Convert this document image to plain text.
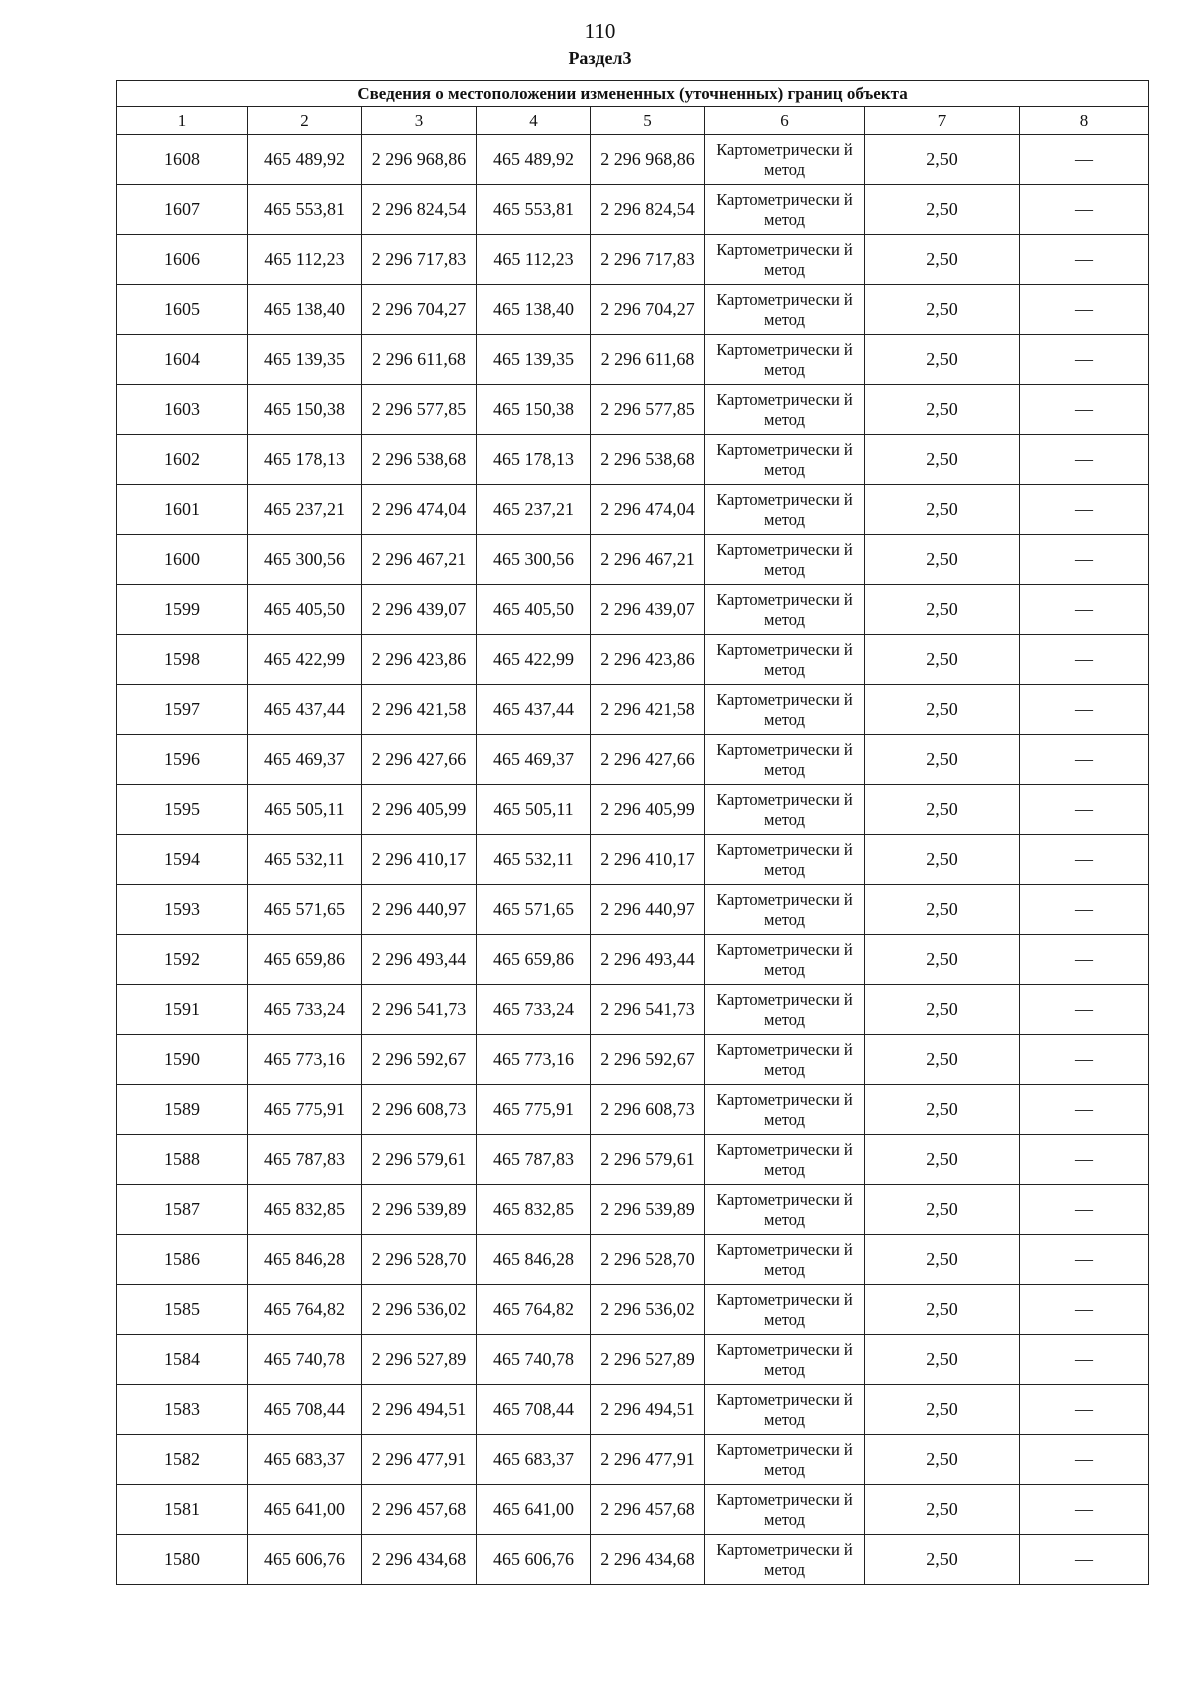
110
Раздел3
Сведения о местоположении измененных (уточненных) границ объекта							
1	2	3	4	5	6	7	8
1608	465 489,92	2 296 968,86	465 489,92	2 296 968,86	Картометрически й метод	2,50	—
1607	465 553,81	2 296 824,54	465 553,81	2 296 824,54	Картометрически й метод	2,50	—
1606	465 112,23	2 296 717,83	465 112,23	2 296 717,83	Картометрически й метод	2,50	—
1605	465 138,40	2 296 704,27	465 138,40	2 296 704,27	Картометрически й метод	2,50	—
1604	465 139,35	2 296 611,68	465 139,35	2 296 611,68	Картометрически й метод	2,50	—
1603	465 150,38	2 296 577,85	465 150,38	2 296 577,85	Картометрически й метод	2,50	—
1602	465 178,13	2 296 538,68	465 178,13	2 296 538,68	Картометрически й метод	2,50	—
1601	465 237,21	2 296 474,04	465 237,21	2 296 474,04	Картометрически й метод	2,50	—
1600	465 300,56	2 296 467,21	465 300,56	2 296 467,21	Картометрически й метод	2,50	—
1599	465 405,50	2 296 439,07	465 405,50	2 296 439,07	Картометрически й метод	2,50	—
1598	465 422,99	2 296 423,86	465 422,99	2 296 423,86	Картометрически й метод	2,50	—
1597	465 437,44	2 296 421,58	465 437,44	2 296 421,58	Картометрически й метод	2,50	—
1596	465 469,37	2 296 427,66	465 469,37	2 296 427,66	Картометрически й метод	2,50	—
1595	465 505,11	2 296 405,99	465 505,11	2 296 405,99	Картометрически й метод	2,50	—
1594	465 532,11	2 296 410,17	465 532,11	2 296 410,17	Картометрически й метод	2,50	—
1593	465 571,65	2 296 440,97	465 571,65	2 296 440,97	Картометрически й метод	2,50	—
1592	465 659,86	2 296 493,44	465 659,86	2 296 493,44	Картометрически й метод	2,50	—
1591	465 733,24	2 296 541,73	465 733,24	2 296 541,73	Картометрически й метод	2,50	—
1590	465 773,16	2 296 592,67	465 773,16	2 296 592,67	Картометрически й метод	2,50	—
1589	465 775,91	2 296 608,73	465 775,91	2 296 608,73	Картометрически й метод	2,50	—
1588	465 787,83	2 296 579,61	465 787,83	2 296 579,61	Картометрически й метод	2,50	—
1587	465 832,85	2 296 539,89	465 832,85	2 296 539,89	Картометрически й метод	2,50	—
1586	465 846,28	2 296 528,70	465 846,28	2 296 528,70	Картометрически й метод	2,50	—
1585	465 764,82	2 296 536,02	465 764,82	2 296 536,02	Картометрически й метод	2,50	—
1584	465 740,78	2 296 527,89	465 740,78	2 296 527,89	Картометрически й метод	2,50	—
1583	465 708,44	2 296 494,51	465 708,44	2 296 494,51	Картометрически й метод	2,50	—
1582	465 683,37	2 296 477,91	465 683,37	2 296 477,91	Картометрически й метод	2,50	—
1581	465 641,00	2 296 457,68	465 641,00	2 296 457,68	Картометрически й метод	2,50	—
1580	465 606,76	2 296 434,68	465 606,76	2 296 434,68	Картометрически й метод	2,50	—
